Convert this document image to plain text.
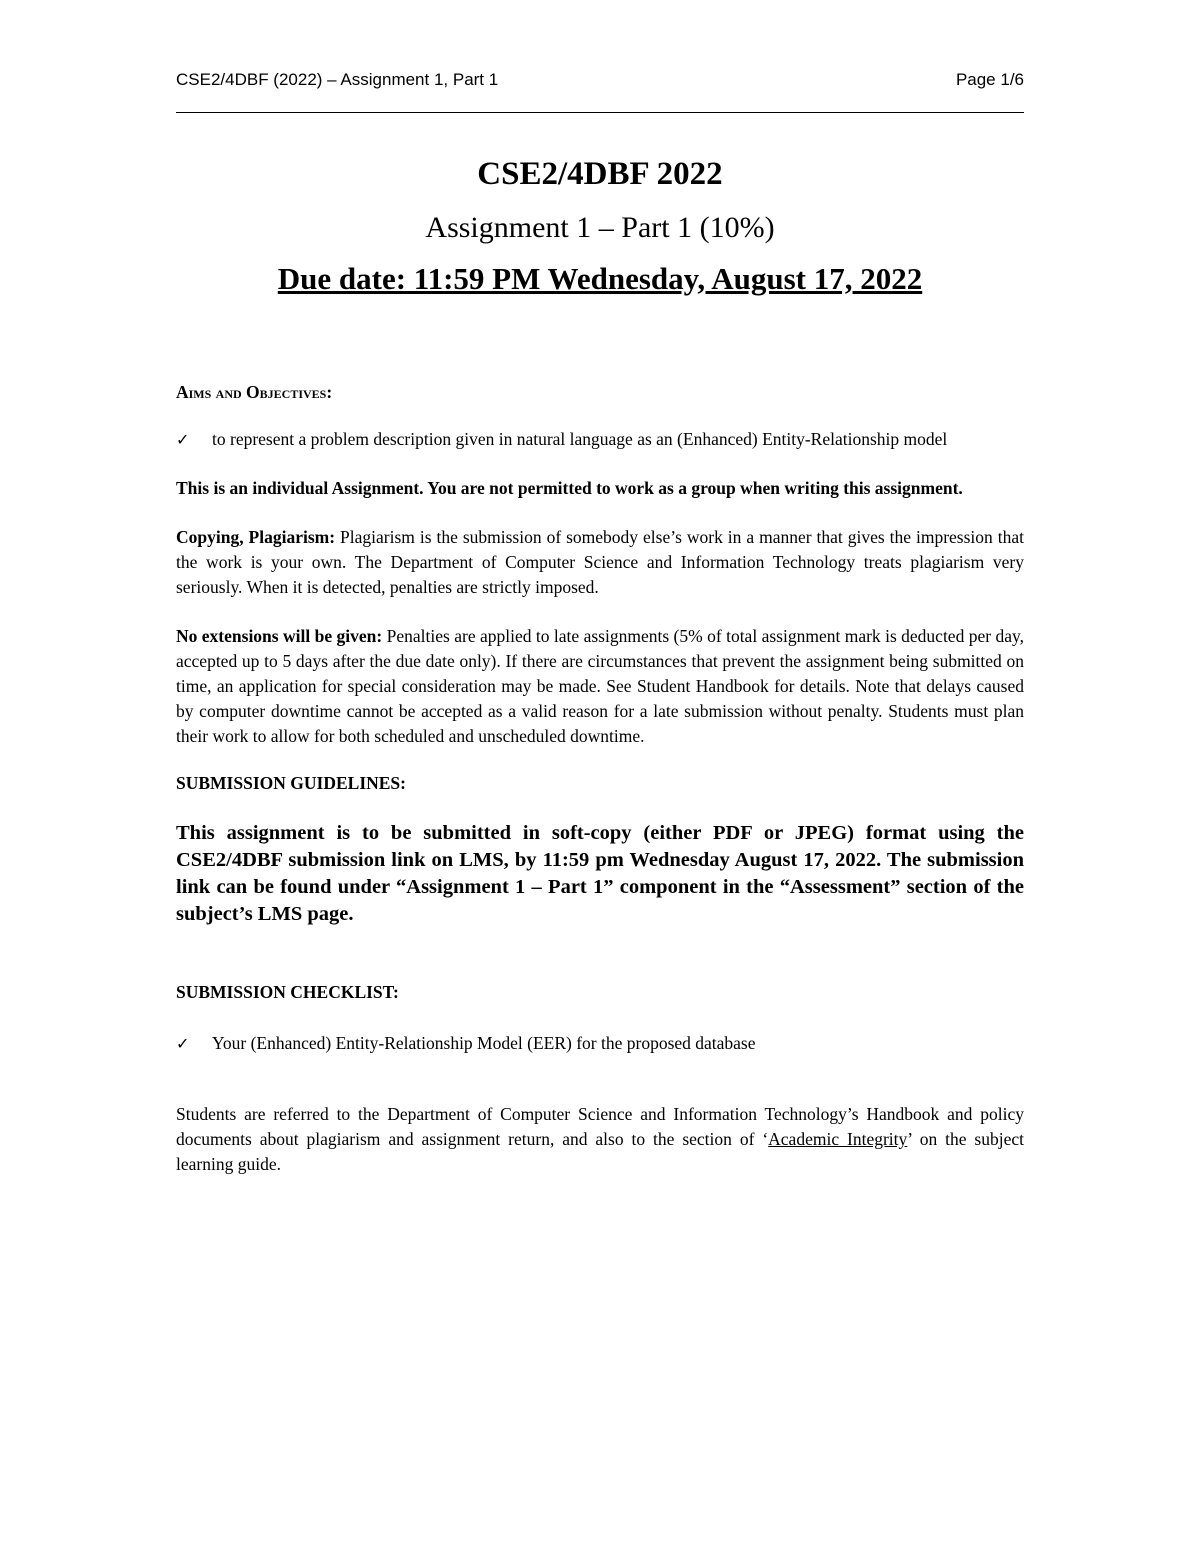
CSE2/4DBF (2022) – Assignment 1, Part 1	Page 1/6

CSE2/4DBF 2022

Assignment 1 – Part 1 (10%)

Due date: 11:59 PM Wednesday, August 17, 2022

Aims and Objectives:

✓	to represent a problem description given in natural language as an (Enhanced) Entity-Relationship model

This is an individual Assignment. You are not permitted to work as a group when writing this assignment.

Copying, Plagiarism: Plagiarism is the submission of somebody else’s work in a manner that gives the impression that the work is your own. The Department of Computer Science and Information Technology treats plagiarism very seriously. When it is detected, penalties are strictly imposed.

No extensions will be given: Penalties are applied to late assignments (5% of total assignment mark is deducted per day, accepted up to 5 days after the due date only). If there are circumstances that prevent the assignment being submitted on time, an application for special consideration may be made. See Student Handbook for details. Note that delays caused by computer downtime cannot be accepted as a valid reason for a late submission without penalty. Students must plan their work to allow for both scheduled and unscheduled downtime.

SUBMISSION GUIDELINES:

This assignment is to be submitted in soft-copy (either PDF or JPEG) format using the CSE2/4DBF submission link on LMS, by 11:59 pm Wednesday August 17, 2022. The submission link can be found under “Assignment 1 – Part 1” component in the “Assessment” section of the subject’s LMS page.

SUBMISSION CHECKLIST:

✓	Your (Enhanced) Entity-Relationship Model (EER) for the proposed database

Students are referred to the Department of Computer Science and Information Technology’s Handbook and policy documents about plagiarism and assignment return, and also to the section of ‘Academic Integrity’ on the subject learning guide.
